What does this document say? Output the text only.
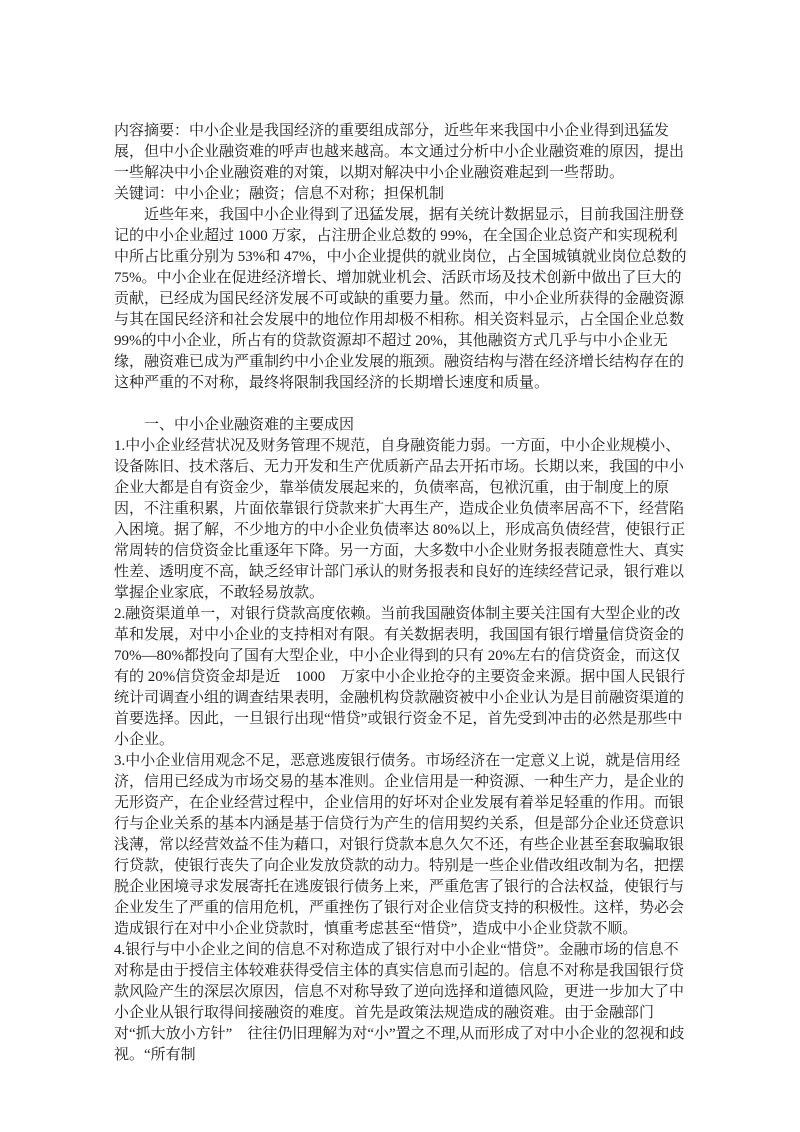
内容摘要：中小企业是我国经济的重要组成部分，近些年来我国中小企业得到迅猛发展，但中小企业融资难的呼声也越来越高。本文通过分析中小企业融资难的原因，提出一些解决中小企业融资难的对策，以期对解决中小企业融资难起到一些帮助。

关键词：中小企业；融资；信息不对称；担保机制

近些年来，我国中小企业得到了迅猛发展，据有关统计数据显示，目前我国注册登记的中小企业超过 1000 万家，占注册企业总数的 99%，在全国企业总资产和实现税利中所占比重分别为 53%和 47%，中小企业提供的就业岗位，占全国城镇就业岗位总数的 75%。中小企业在促进经济增长、增加就业机会、活跃市场及技术创新中做出了巨大的贡献，已经成为国民经济发展不可或缺的重要力量。然而，中小企业所获得的金融资源与其在国民经济和社会发展中的地位作用却极不相称。相关资料显示，占全国企业总数 99%的中小企业，所占有的贷款资源却不超过 20%，其他融资方式几乎与中小企业无缘，融资难已成为严重制约中小企业发展的瓶颈。融资结构与潜在经济增长结构存在的这种严重的不对称，最终将限制我国经济的长期增长速度和质量。

一、中小企业融资难的主要成因

1.中小企业经营状况及财务管理不规范，自身融资能力弱。一方面，中小企业规模小、设备陈旧、技术落后、无力开发和生产优质新产品去开拓市场。长期以来，我国的中小企业大都是自有资金少，靠举债发展起来的，负债率高，包袱沉重，由于制度上的原因，不注重积累，片面依靠银行贷款来扩大再生产，造成企业负债率居高不下，经营陷入困境。据了解，不少地方的中小企业负债率达 80%以上，形成高负债经营，使银行正常周转的信贷资金比重逐年下降。另一方面，大多数中小企业财务报表随意性大、真实性差、透明度不高，缺乏经审计部门承认的财务报表和良好的连续经营记录，银行难以掌握企业家底，不敢轻易放款。

2.融资渠道单一，对银行贷款高度依赖。当前我国融资体制主要关注国有大型企业的改革和发展，对中小企业的支持相对有限。有关数据表明，我国国有银行增量信贷资金的70%—80%都投向了国有大型企业，中小企业得到的只有 20%左右的信贷资金，而这仅有的 20%信贷资金却是近　1000　万家中小企业抢夺的主要资金来源。据中国人民银行统计司调查小组的调查结果表明，金融机构贷款融资被中小企业认为是目前融资渠道的首要选择。因此，一旦银行出现“惜贷”或银行资金不足，首先受到冲击的必然是那些中小企业。

3.中小企业信用观念不足，恶意逃废银行债务。市场经济在一定意义上说，就是信用经济，信用已经成为市场交易的基本准则。企业信用是一种资源、一种生产力，是企业的无形资产，在企业经营过程中，企业信用的好坏对企业发展有着举足轻重的作用。而银行与企业关系的基本内涵是基于信贷行为产生的信用契约关系，但是部分企业还贷意识浅薄，常以经营效益不佳为藉口，对银行贷款本息久欠不还，有些企业甚至套取骗取银行贷款，使银行丧失了向企业发放贷款的动力。特别是一些企业借改组改制为名，把摆脱企业困境寻求发展寄托在逃废银行债务上来，严重危害了银行的合法权益，使银行与企业发生了严重的信用危机，严重挫伤了银行对企业信贷支持的积极性。这样，势必会造成银行在对中小企业贷款时，慎重考虑甚至“惜贷”，造成中小企业贷款不顺。

4.银行与中小企业之间的信息不对称造成了银行对中小企业“惜贷”。金融市场的信息不对称是由于授信主体较难获得受信主体的真实信息而引起的。信息不对称是我国银行贷款风险产生的深层次原因，信息不对称导致了逆向选择和道德风险，更进一步加大了中小企业从银行取得间接融资的难度。首先是政策法规造成的融资难。由于金融部门对“抓大放小方针”　往往仍旧理解为对“小”置之不理,从而形成了对中小企业的忽视和歧视。“所有制
